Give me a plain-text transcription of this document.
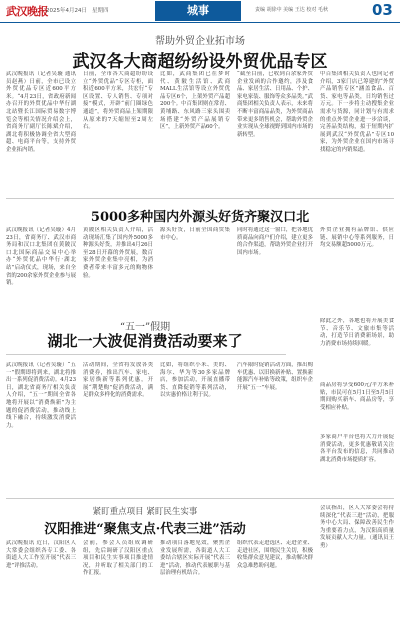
武汉晚报
2025年4月24日 星期四	城事	责编 胡徐中 美编 王达 校对 毛秋	03
帮助外贸企业拓市场
武汉各大商超纷纷设外贸优品专区
武汉晚报讯（记者吴璇 通讯员赵燕）日前，全市已设立外贸优品专区近600平方米。“4月23日，省政府新闻办召开的外贸优品中华行湖北站暨长江国际贸易数字博览会等相关情况介绍会上，省商务厅副厅长陈斌介绍，湖北将积极协调全省大型商超、电商平台等，支持外贸企业拓内销。
日前，全市各大商超纷纷设立“外贸优品”专区专柜，面积近600平方米，共宏行“专区设置、专人销售、专项对接”模式，开辟“前门圈绿色通道”，将外贸商品上架期限从原来的7天缩短至2周左右。
比如，武商集团已在梦时代、黄陂生活馆、武商MALL生活馆等设立外贸优品专区6个，上架外贸产品超200个。中百集团则在常青、黄埔路、东风路三家头围卖场搭建“外贸产品展销专区”，上新外贸产品60个。
“截至目前，已收到百余家外贸企业发函的合作邀约，涉及食品、家居生活、日用品、个护、家电家装、服饰等众多品类。”武商集团相关负责人表示，未来将不断丰富商品品类，为外贸商品带来更多销售机会，帮助外贸企业实现从全球视野到国内市场的新转型。
中百集团相关负责人也向记者介绍，3家门店已筹建的“外贸产品销售专区”涵盖食品、百货、家电等品类，日均销售过万元。下一步将主动搜集企业需求与货源，同计划与有需求的重点外贸企业进一步洽谈，完善品类结构，拟于短期内扩展到武汉“外贸优品”专区10家，为外贸企业在国内市场寻找稳定的内销渠道。
5000多种国内外源头好货齐聚汉口北
武汉晚报讯（记者吴璇）4月23日，省商务厅、武汉市商务局和汉口北集团在黄陂汉口北国际商品交易中心举办“外贸优品中华行·湖北站”启动仪式，现场，来自全省的200余家外贸企业参与展销。
黄陂区相关负责人介绍，活动现场汇集了国内外5000多种源头好货，并推出4月26日至28日开幕的外贸展，数百家外贸企业集中亮相，为消费者带来丰富多元的购物体验。
源头好货，日前全国商贸集市中心。
同时将通过这一窗口，把各地优质商品向商户们介绍，建立更多的合作渠道，帮助外贸企业打开国内市场。
外贸企业拥有品牌馆、供应链、展销中心等系列服务，日均交易额超5000万元。
“五一”假期
湖北一大波促消费活动要来了
武汉晚报讯（记者吴璇）“五一”假期即将到来，湖北将推出一系列促消费活动。4月23日，湖北省商务厅相关负责人介绍，“五一”期间全省各地将开展以“消费焕新”为主题的促消费活动，推动线上线下融合，持续激发消费活力。
活动期间，全省将发放各类消费券，推出汽车、家电、家居焕新等系列优惠，开展“荆楚购”促消费活动，满足群众多样化的消费需求。
比如，将组织小米、美的、海尔、华为等30多家品牌店，参加活动，开展直播带货、直降促销等系列活动，以实惠价格让利于民。
汽车限时促销活动方面，推出购车优惠、以旧换新补贴、置换新能源汽车补贴等政策，组织车企开展“五一”车展。
除此之外，各地也将开展美食节、音乐节、文旅市集等活动，打造节日消费新场景，助力消费市场持续回暖。
商品房将享受600元/平方米补贴，市民可在5月1日至5月5日期间购买新车、商品房等，享受相应补贴。
多家商户平台也将大力开展促消费活动，更多优惠敬请关注各平台发布的信息，共同推动湖北消费市场提质扩容。
紧盯重点项目 紧盯民生实事
汉阳推进“聚焦支点·代表三进”活动
武汉晚报讯 近日，汉阳区人大常委会组织各专工委、各街道人大工作室开展“代表三进”评推活动。
会前，参会人员组成调研组，先后调研了汉阳区重点项目和民生实事项目推进情况，并听取了相关部门的工作汇报。
推动项目落地见效，聚焦企业发展所需，各街道人大工委结合辖区实际开展“代表三进”活动，推动代表履职与基层治理有机结合。
组织代表走进选区、走进企业、走进社区，围绕民生关切，积极收集群众意见建议，推动解决群众急难愁盼问题。
会议指出，区人大常委会将持续深化“代表三进”活动，把服务中心大局、保障改善民生作为重要着力点，为汉阳高质量发展贡献人大力量。（通讯员王勇）
